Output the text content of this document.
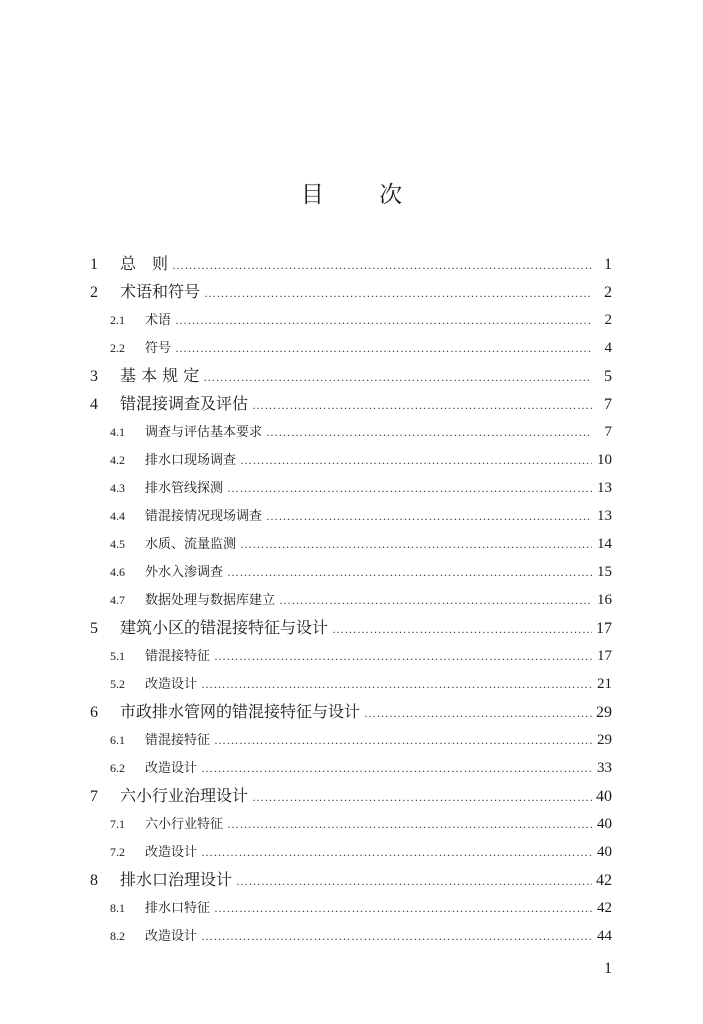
目 次
1	总　则 …………………………………………………………………………………………………………………………………………………………………………………………………………………………	1
2	术语和符号 …………………………………………………………………………………………………………………………………………………………………………………………………………………………	2
2.1	术语 …………………………………………………………………………………………………………………………………………………………………………………………………………………………	2
2.2	符号 …………………………………………………………………………………………………………………………………………………………………………………………………………………………	4
3	基 本 规 定 …………………………………………………………………………………………………………………………………………………………………………………………………………………………	5
4	错混接调查及评估 …………………………………………………………………………………………………………………………………………………………………………………………………………………………	7
4.1	调查与评估基本要求 …………………………………………………………………………………………………………………………………………………………………………………………………………………………	7
4.2	排水口现场调查 …………………………………………………………………………………………………………………………………………………………………………………………………………………………	10
4.3	排水管线探测 …………………………………………………………………………………………………………………………………………………………………………………………………………………………	13
4.4	错混接情况现场调查 …………………………………………………………………………………………………………………………………………………………………………………………………………………………	13
4.5	水质、流量监测 …………………………………………………………………………………………………………………………………………………………………………………………………………………………	14
4.6	外水入渗调查 …………………………………………………………………………………………………………………………………………………………………………………………………………………………	15
4.7	数据处理与数据库建立 …………………………………………………………………………………………………………………………………………………………………………………………………………………………	16
5	建筑小区的错混接特征与设计 …………………………………………………………………………………………………………………………………………………………………………………………………………………………	17
5.1	错混接特征 …………………………………………………………………………………………………………………………………………………………………………………………………………………………	17
5.2	改造设计 …………………………………………………………………………………………………………………………………………………………………………………………………………………………	21
6	市政排水管网的错混接特征与设计 …………………………………………………………………………………………………………………………………………………………………………………………………………………………	29
6.1	错混接特征 …………………………………………………………………………………………………………………………………………………………………………………………………………………………	29
6.2	改造设计 …………………………………………………………………………………………………………………………………………………………………………………………………………………………	33
7	六小行业治理设计 …………………………………………………………………………………………………………………………………………………………………………………………………………………………	40
7.1	六小行业特征 …………………………………………………………………………………………………………………………………………………………………………………………………………………………	40
7.2	改造设计 …………………………………………………………………………………………………………………………………………………………………………………………………………………………	40
8	排水口治理设计 …………………………………………………………………………………………………………………………………………………………………………………………………………………………	42
8.1	排水口特征 …………………………………………………………………………………………………………………………………………………………………………………………………………………………	42
8.2	改造设计 …………………………………………………………………………………………………………………………………………………………………………………………………………………………	44
1
